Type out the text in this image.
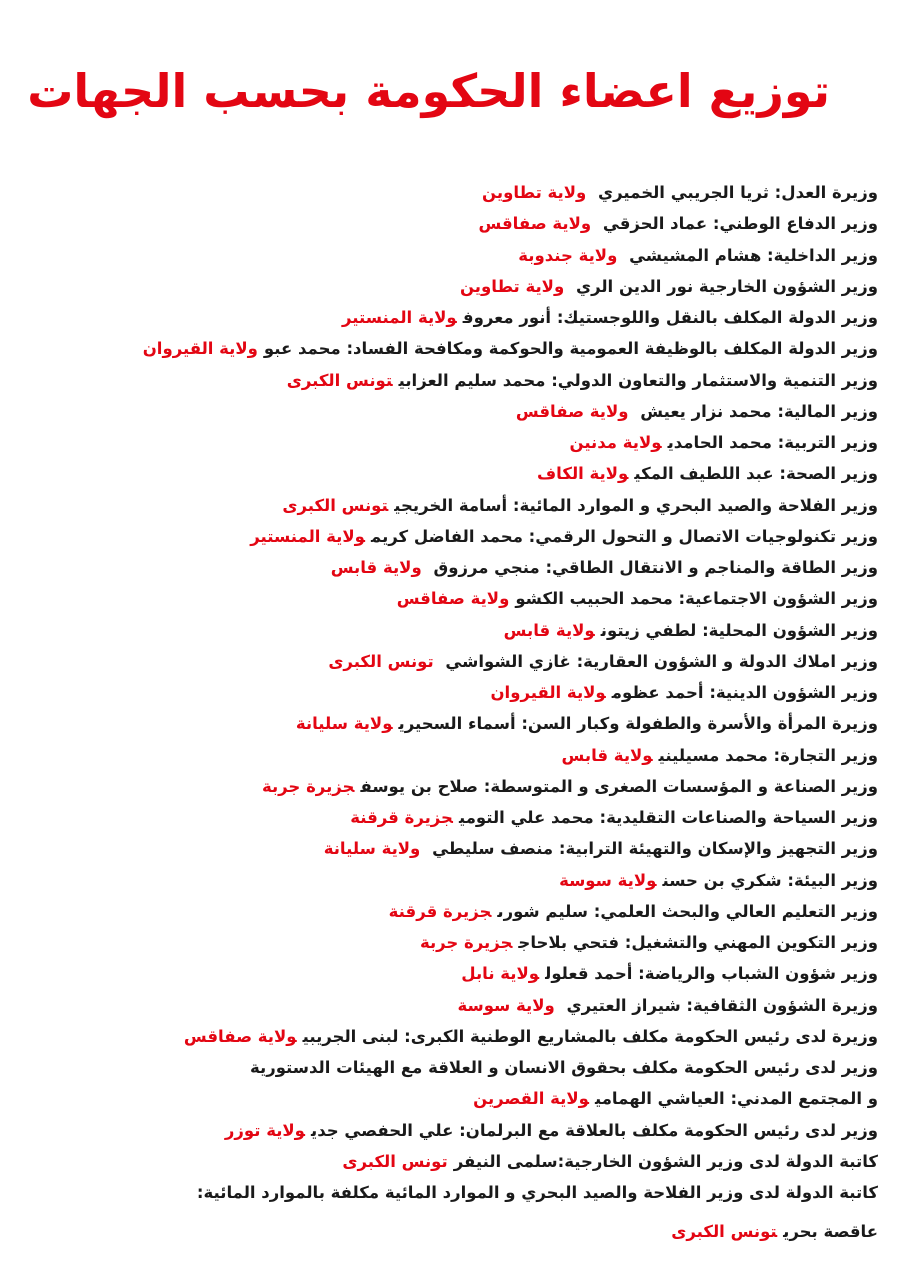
توزيع اعضاء الحكومة بحسب الجهات
وزيرة العدل: ثريا الجريبي الخميري ولاية تطاوين
وزير الدفاع الوطني: عماد الحزقي ولاية صفاقس
وزير الداخلية: هشام المشيشي ولاية جندوبة
وزير الشؤون الخارجية نور الدين الري ولاية تطاوين
وزير الدولة المكلف بالنقل واللوجستيك: أنور معروفولاية المنستير
وزير الدولة المكلف بالوظيفة العمومية والحوكمة ومكافحة الفساد: محمد عبوولاية القيروان
وزير التنمية والاستثمار والتعاون الدولي: محمد سليم العزابيتونس الكبرى
وزير المالية: محمد نزار يعيش ولاية صفاقس
وزير التربية: محمد الحامديولاية مدنين
وزير الصحة: عبد اللطيف المكيولاية الكاف
وزير الفلاحة والصيد البحري و الموارد المائية: أسامة الخريجيتونس الكبرى
وزير تكنولوجيات الاتصال و التحول الرقمي: محمد الفاضل كريمولاية المنستير
وزير الطاقة والمناجم و الانتقال الطاقي: منجي مرزوق ولاية قابس
وزير الشؤون الاجتماعية: محمد الحبيب الكشوولاية صفاقس
وزير الشؤون المحلية: لطفي زيتونولاية قابس
وزير املاك الدولة و الشؤون العقارية: غازي الشواشي تونس الكبرى
وزير الشؤون الدينية: أحمد عظومولاية القيروان
وزيرة المرأة والأسرة والطفولة وكبار السن: أسماء السحيريولاية سليانة
وزير التجارة: محمد مسيلينيولاية قابس
وزير الصناعة و المؤسسات الصغرى و المتوسطة: صلاح بن يوسفجزيرة جربة
وزير السياحة والصناعات التقليدية: محمد علي التوميجزيرة قرقنة
وزير التجهيز والإسكان والتهيئة الترابية: منصف سليطي ولاية سليانة
وزير البيئة: شكري بن حسنولاية سوسة
وزير التعليم العالي والبحث العلمي: سليم شورىجزيرة قرقنة
وزير التكوين المهني والتشغيل: فتحي بلاحاججزيرة جربة
وزير شؤون الشباب والرياضة: أحمد قعلولولاية نابل
وزيرة الشؤون الثقافية: شيراز العتيري ولاية سوسة
وزيرة لدى رئيس الحكومة مكلف بالمشاريع الوطنية الكبرى: لبنى الجريبيولاية صفاقس
وزير لدى رئيس الحكومة مكلف بحقوق الانسان و العلاقة مع الهيئات الدستورية
و المجتمع المدني: العياشي الهماميولاية القصرين
وزير لدى رئيس الحكومة مكلف بالعلاقة مع البرلمان: علي الحفصي جديولاية توزر
كاتبة الدولة لدى وزير الشؤون الخارجية:سلمى النيفرتونس الكبرى
كاتبة الدولة لدى وزير الفلاحة والصيد البحري و الموارد المائية مكلفة بالموارد المائية:
عاقصة بحريتونس الكبرى
